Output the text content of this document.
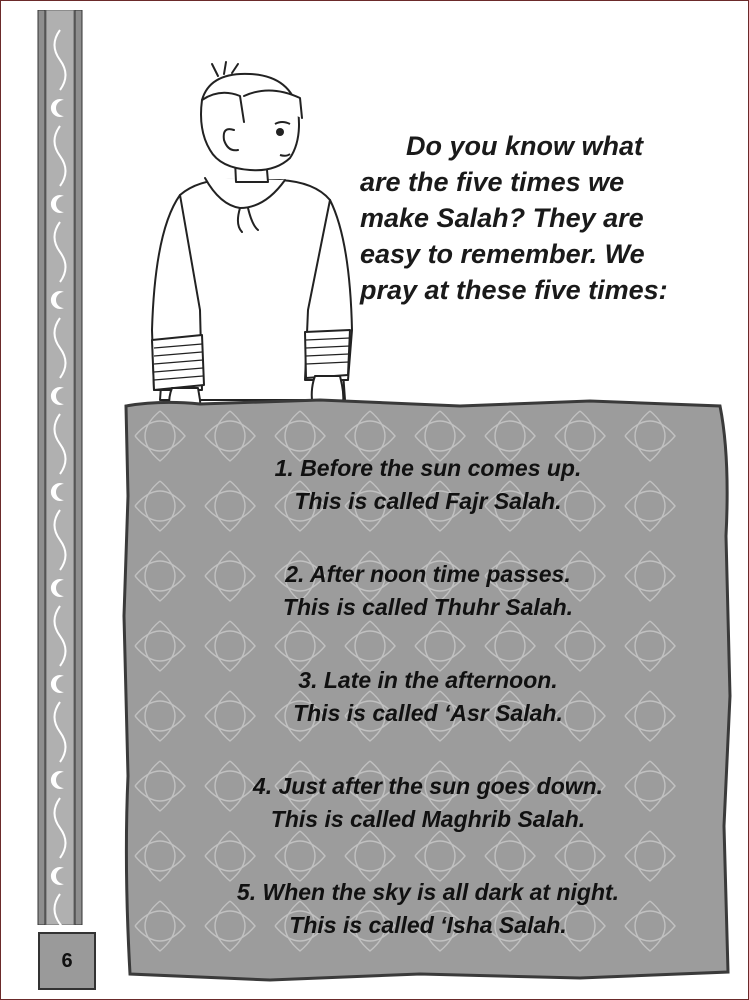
6

Do you know what

are the five times we

make Salah? They are

easy to remember. We

pray at these five times:

1. Before the sun comes up.
This is called Fajr Salah.
2. After noon time passes.
This is called Thuhr Salah.
3. Late in the afternoon.
This is called ‘Asr Salah.
4. Just after the sun goes down.
This is called Maghrib Salah.
5. When the sky is all dark at night.
This is called ‘Isha Salah.
